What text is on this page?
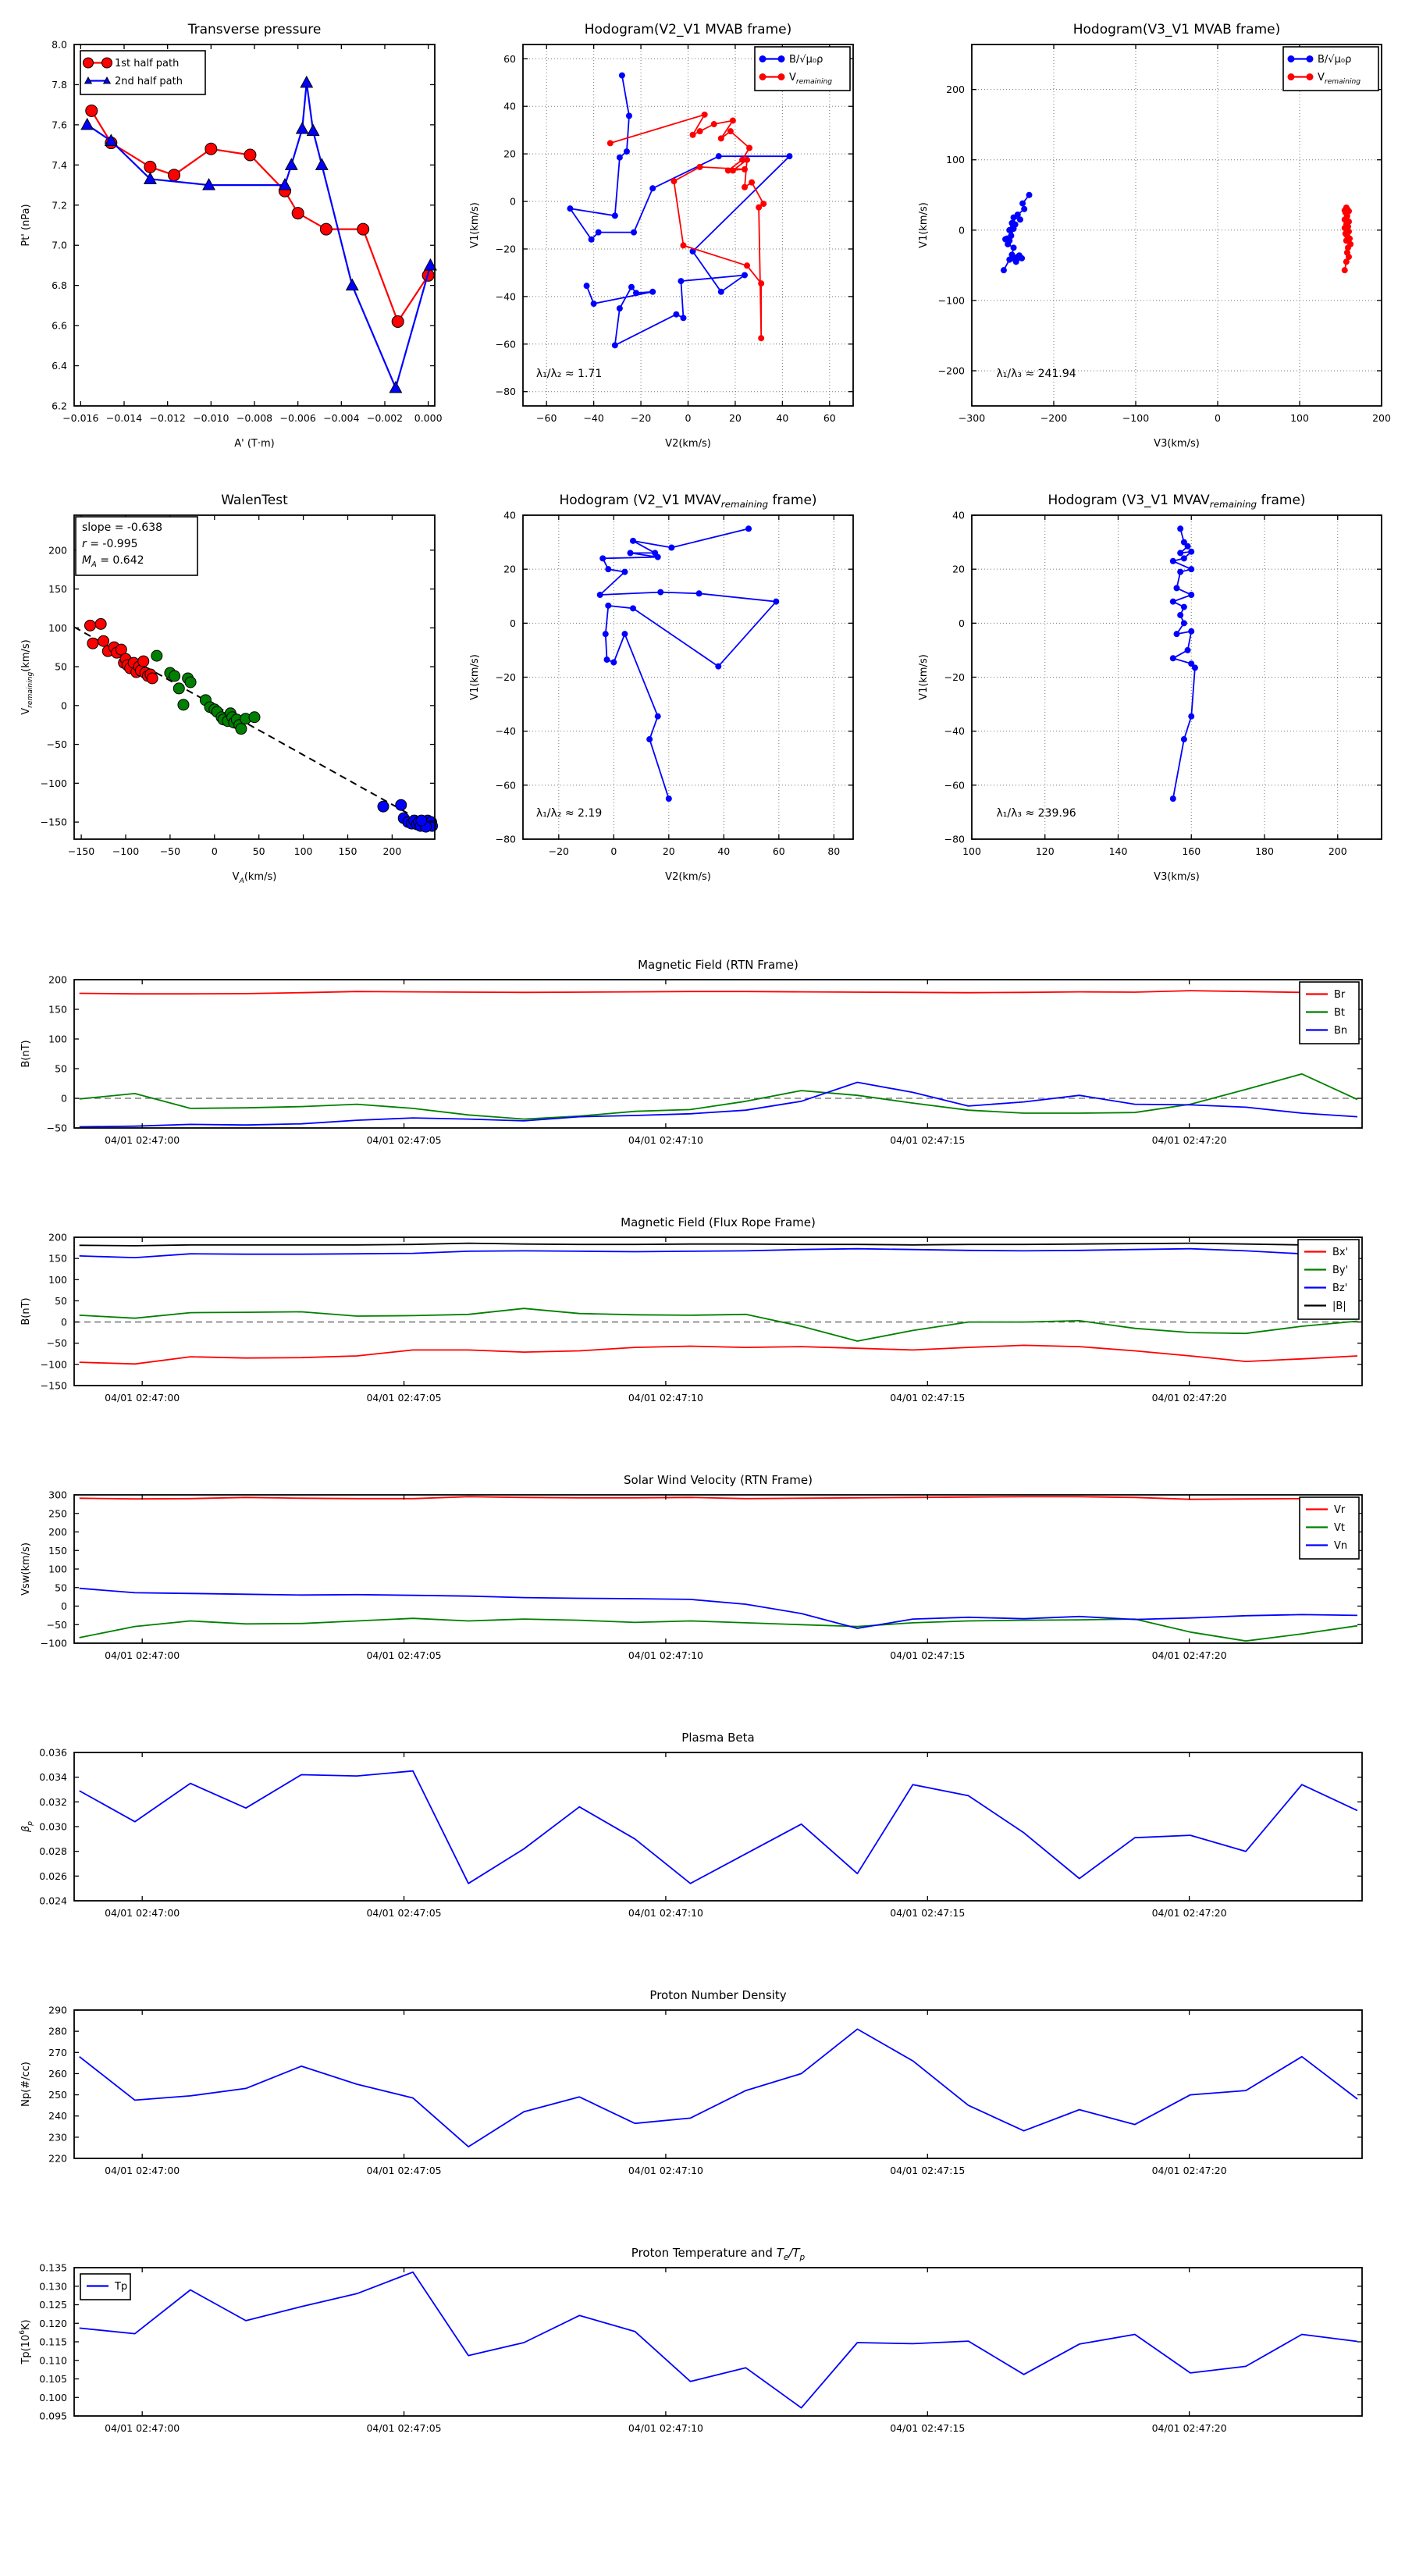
−0.016 −0.014 −0.012 −0.010 −0.008 −0.006 −0.004 −0.002 0.000
6.2
6.4
6.6
6.8
7.0
7.2
7.4
7.6
7.8
8.0
Transverse pressure
A' (T·m)
Pt' (nPa)
1st half path
2nd half path
−60	−40	−20	0	20	40	60
−80
−60
−40
−20
0
20
40
60
Hodogram(V2_V1 MVAB frame)
V2(km/s)
V1(km/s)
λ₁/λ₂ ≈ 1.71
B/√μ₀ρ
$V_{remaining}$
−300	−200	−100	0	100	200
−200
−100
0
100
200
Hodogram(V3_V1 MVAB frame)
V3(km/s)
V1(km/s)
λ₁/λ₃ ≈ 241.94
B/√μ₀ρ
$V_{remaining}$
−150 −100 −50	0	50	100	150	200
−150
−100
−50
0
50
100
150
200
WalenTest
$V_A(km/s)$
$V_{remaining}(km/s)$
slope = -0.638
r = -0.995
$M_A = 0.642$
−20	0	20	40	60	80
−80
−60
−40
−20
0
20
40
Hodogram (V2_V1 $MVAV_{remaining}$ frame)
V2(km/s)
V1(km/s)
λ₁/λ₂ ≈ 2.19
100	120	140	160	180	200
−80
−60
−40
−20
0
20
40
Hodogram (V3_V1 $MVAV_{remaining}$ frame)
V3(km/s)
V1(km/s)
λ₁/λ₃ ≈ 239.96
04/01 02:47:00	04/01 02:47:05	04/01 02:47:10	04/01 02:47:15	04/01 02:47:20
−50
0
50
100
150
200
Magnetic Field (RTN Frame)
B(nT)
Br
Bt
Bn
04/01 02:47:00	04/01 02:47:05	04/01 02:47:10	04/01 02:47:15	04/01 02:47:20
−150
−100
−50
0
50
100
150
200
Magnetic Field (Flux Rope Frame)
B(nT)
Bx'
By'
Bz'
|B|
04/01 02:47:00	04/01 02:47:05	04/01 02:47:10	04/01 02:47:15	04/01 02:47:20
−100
−50
0
50
100
150
200
250
300
Solar Wind Velocity (RTN Frame)
Vsw(km/s)
Vr
Vt
Vn
04/01 02:47:00	04/01 02:47:05	04/01 02:47:10	04/01 02:47:15	04/01 02:47:20
0.024
0.026
0.028
0.030
0.032
0.034
0.036
Plasma Beta
$\beta_p$
04/01 02:47:00	04/01 02:47:05	04/01 02:47:10	04/01 02:47:15	04/01 02:47:20
220
230
240
250
260
270
280
290
Proton Number Density
Np(#/cc)
04/01 02:47:00	04/01 02:47:05	04/01 02:47:10	04/01 02:47:15	04/01 02:47:20
0.095
0.100
0.105
0.110
0.115
0.120
0.125
0.130
0.135
Proton Temperature and $T_e/T_p$
$Tp(10^6K)$
Tp
